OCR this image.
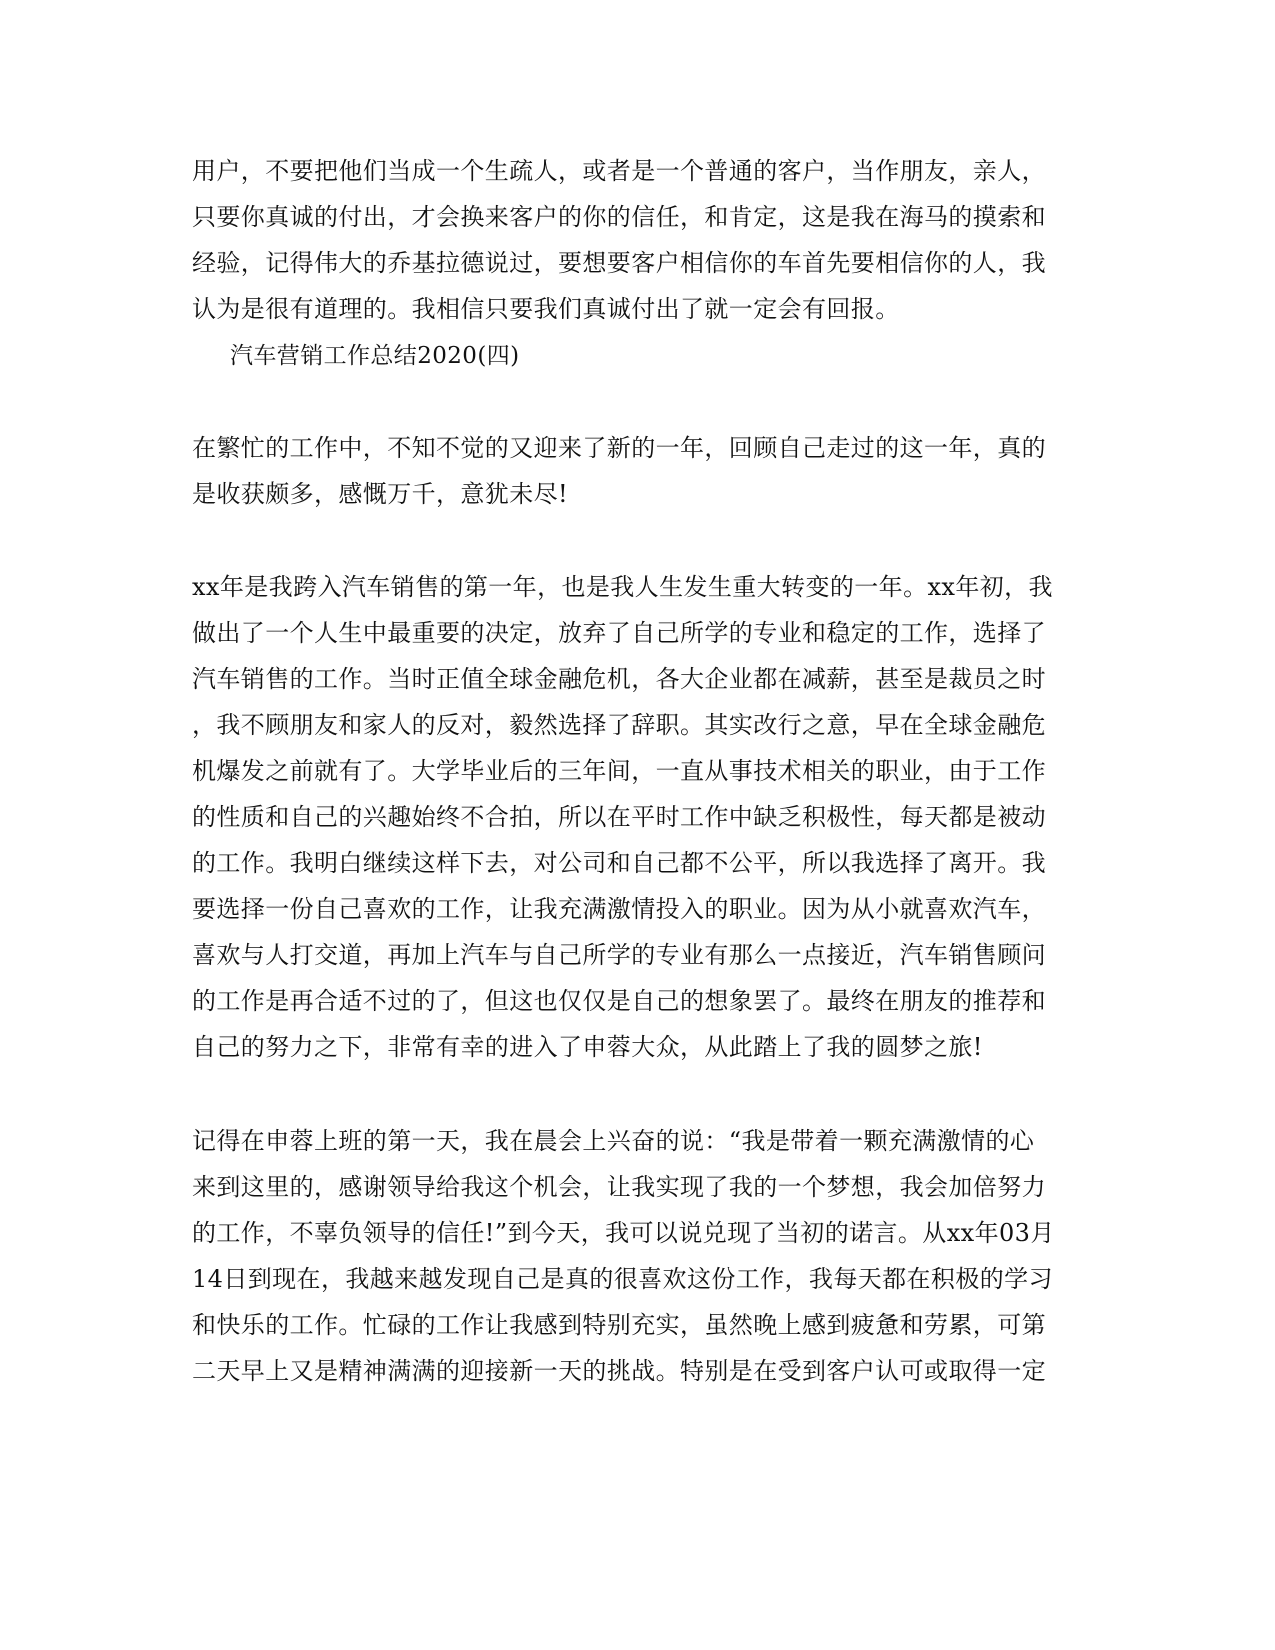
用户，不要把他们当成一个生疏人，或者是一个普通的客户，当作朋友，亲人，
只要你真诚的付出，才会换来客户的你的信任，和肯定，这是我在海马的摸索和
经验，记得伟大的乔基拉德说过，要想要客户相信你的车首先要相信你的人，我
认为是很有道理的。我相信只要我们真诚付出了就一定会有回报。
汽车营销工作总结2020(四)
在繁忙的工作中，不知不觉的又迎来了新的一年，回顾自己走过的这一年，真的
是收获颇多，感慨万千，意犹未尽!
xx年是我跨入汽车销售的第一年，也是我人生发生重大转变的一年。xx年初，我
做出了一个人生中最重要的决定，放弃了自己所学的专业和稳定的工作，选择了
汽车销售的工作。当时正值全球金融危机，各大企业都在减薪，甚至是裁员之时
，我不顾朋友和家人的反对，毅然选择了辞职。其实改行之意，早在全球金融危
机爆发之前就有了。大学毕业后的三年间，一直从事技术相关的职业，由于工作
的性质和自己的兴趣始终不合拍，所以在平时工作中缺乏积极性，每天都是被动
的工作。我明白继续这样下去，对公司和自己都不公平，所以我选择了离开。我
要选择一份自己喜欢的工作，让我充满激情投入的职业。因为从小就喜欢汽车，
喜欢与人打交道，再加上汽车与自己所学的专业有那么一点接近，汽车销售顾问
的工作是再合适不过的了，但这也仅仅是自己的想象罢了。最终在朋友的推荐和
自己的努力之下，非常有幸的进入了申蓉大众，从此踏上了我的圆梦之旅!
记得在申蓉上班的第一天，我在晨会上兴奋的说：“我是带着一颗充满激情的心
来到这里的，感谢领导给我这个机会，让我实现了我的一个梦想，我会加倍努力
的工作，不辜负领导的信任!”到今天，我可以说兑现了当初的诺言。从xx年03月
14日到现在，我越来越发现自己是真的很喜欢这份工作，我每天都在积极的学习
和快乐的工作。忙碌的工作让我感到特别充实，虽然晚上感到疲惫和劳累，可第
二天早上又是精神满满的迎接新一天的挑战。特别是在受到客户认可或取得一定
